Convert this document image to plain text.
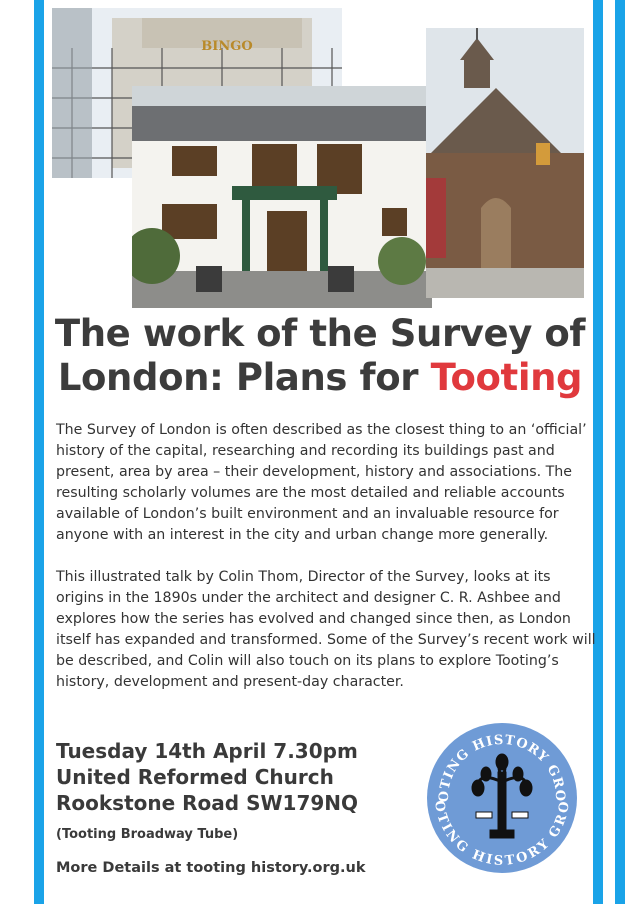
BINGO
The work of the Survey of
London: Plans for Tooting

The Survey of London is often described as the closest thing to an ‘official’ history of the capital, researching and recording its buildings past and present, area by area – their development, history and associations. The resulting scholarly volumes are the most detailed and reliable accounts available of London’s built environment and an invaluable resource for anyone with an interest in the city and urban change more generally.

This illustrated talk by Colin Thom, Director of the Survey, looks at its origins in the 1890s under the architect and designer C. R. Ashbee and explores how the series has evolved and changed since then, as London itself has expanded and transformed. Some of the Survey’s recent work will be described, and Colin will also touch on its plans to explore Tooting’s history, development and present-day character.

Tuesday 14th April 7.30pm
United Reformed Church
Rookstone Road SW179NQ
(Tooting Broadway Tube)
More Details at tooting history.org.uk
OTING HISTORY GRO
OTING HISTORY GRO
